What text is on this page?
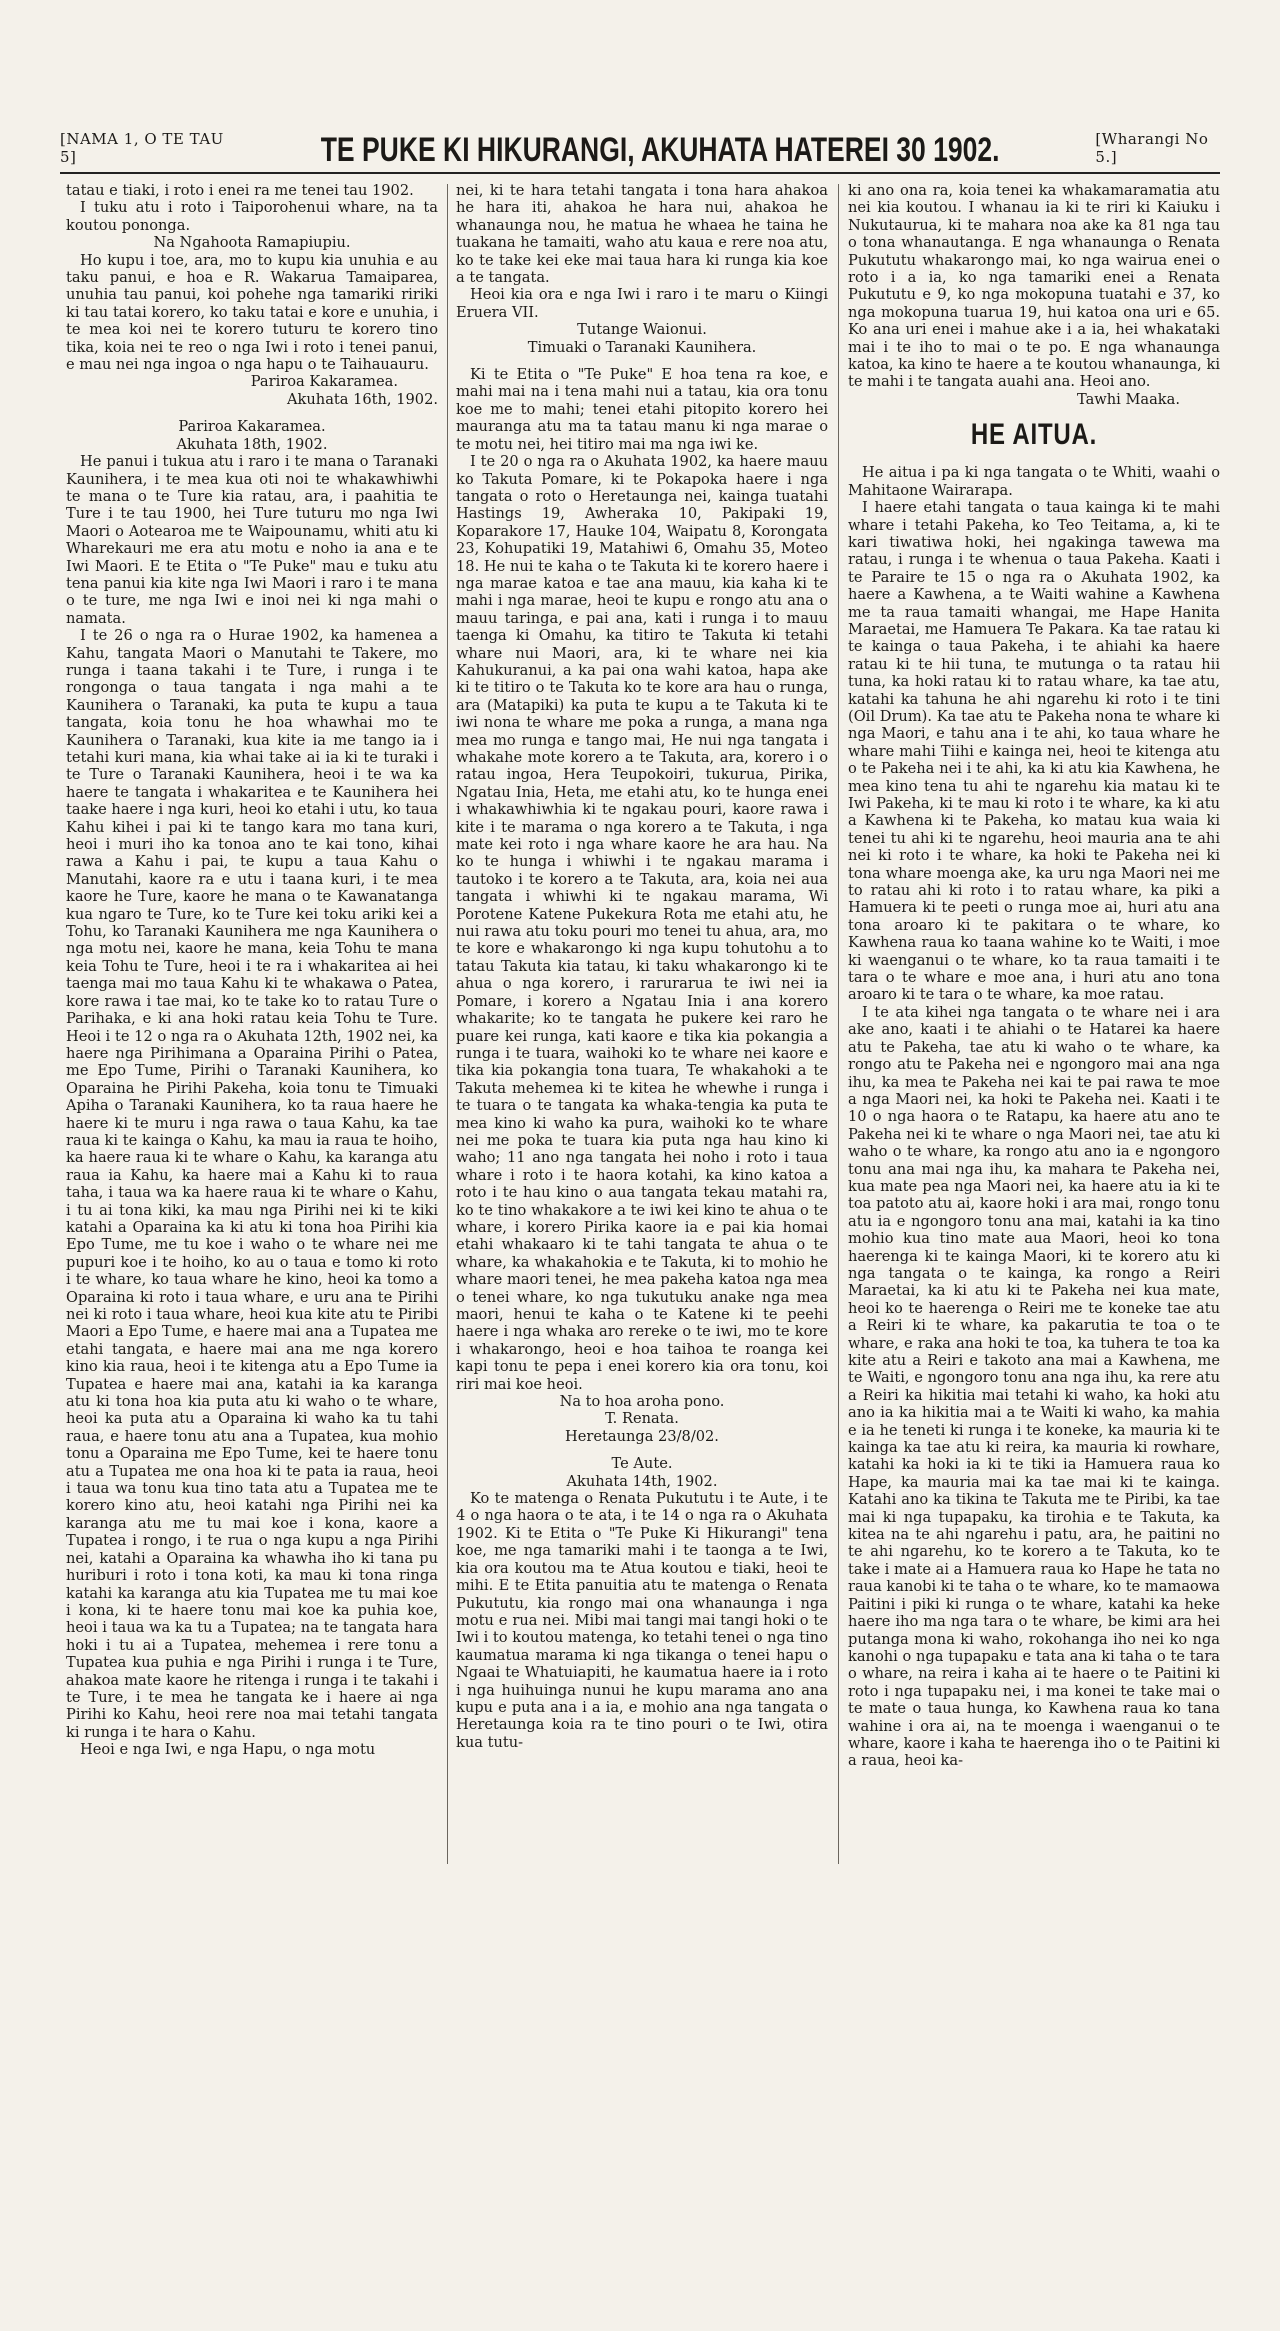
[NAMA 1, O TE TAU 5]	TE PUKE KI HIKURANGI, AKUHATA HATEREI 30 1902.	[Wharangi No 5.]

tatau e tiaki, i roto i enei ra me tenei tau 1902.

I tuku atu i roto i Taiporohenui whare, na ta koutou pononga.

Na Ngahoota Ramapiupiu.

Ho kupu i toe, ara, mo to kupu kia unuhia e au taku panui, e hoa e R. Wakarua Tamaiparea, unuhia tau panui, koi pohehe nga tamariki ririki ki tau tatai korero, ko taku tatai e kore e unuhia, i te mea koi nei te korero tuturu te korero tino tika, koia nei te reo o nga Iwi i roto i tenei panui, e mau nei nga ingoa o nga hapu o te Taihauauru.

Pariroa Kakaramea.

Akuhata 16th, 1902.

Pariroa Kakaramea.

Akuhata 18th, 1902.

He panui i tukua atu i raro i te mana o Taranaki Kaunihera, i te mea kua oti noi te whakawhiwhi te mana o te Ture kia ratau, ara, i paahitia te Ture i te tau 1900, hei Ture tuturu mo nga Iwi Maori o Aotearoa me te Waipounamu, whiti atu ki Wharekauri me era atu motu e noho ia ana e te Iwi Maori. E te Etita o "Te Puke" mau e tuku atu tena panui kia kite nga Iwi Maori i raro i te mana o te ture, me nga Iwi e inoi nei ki nga mahi o namata.

I te 26 o nga ra o Hurae 1902, ka hamenea a Kahu, tangata Maori o Manutahi te Takere, mo runga i taana takahi i te Ture, i runga i te rongonga o taua tangata i nga mahi a te Kaunihera o Taranaki, ka puta te kupu a taua tangata, koia tonu he hoa whawhai mo te Kaunihera o Taranaki, kua kite ia me tango ia i tetahi kuri mana, kia whai take ai ia ki te turaki i te Ture o Taranaki Kaunihera, heoi i te wa ka haere te tangata i whakaritea e te Kaunihera hei taake haere i nga kuri, heoi ko etahi i utu, ko taua Kahu kihei i pai ki te tango kara mo tana kuri, heoi i muri iho ka tonoa ano te kai tono, kihai rawa a Kahu i pai, te kupu a taua Kahu o Manutahi, kaore ra e utu i taana kuri, i te mea kaore he Ture, kaore he mana o te Kawanatanga kua ngaro te Ture, ko te Ture kei toku ariki kei a Tohu, ko Taranaki Kaunihera me nga Kaunihera o nga motu nei, kaore he mana, keia Tohu te mana keia Tohu te Ture, heoi i te ra i whakaritea ai hei taenga mai mo taua Kahu ki te whakawa o Patea, kore rawa i tae mai, ko te take ko to ratau Ture o Parihaka, e ki ana hoki ratau keia Tohu te Ture. Heoi i te 12 o nga ra o Akuhata 12th, 1902 nei, ka haere nga Pirihimana a Oparaina Pirihi o Patea, me Epo Tume, Pirihi o Taranaki Kaunihera, ko Oparaina he Pirihi Pakeha, koia tonu te Timuaki Apiha o Taranaki Kaunihera, ko ta raua haere he haere ki te muru i nga rawa o taua Kahu, ka tae raua ki te kainga o Kahu, ka mau ia raua te hoiho, ka haere raua ki te whare o Kahu, ka karanga atu raua ia Kahu, ka haere mai a Kahu ki to raua taha, i taua wa ka haere raua ki te whare o Kahu, i tu ai tona kiki, ka mau nga Pirihi nei ki te kiki katahi a Oparaina ka ki atu ki tona hoa Pirihi kia Epo Tume, me tu koe i waho o te whare nei me pupuri koe i te hoiho, ko au o taua e tomo ki roto i te whare, ko taua whare he kino, heoi ka tomo a Oparaina ki roto i taua whare, e uru ana te Pirihi nei ki roto i taua whare, heoi kua kite atu te Piribi Maori a Epo Tume, e haere mai ana a Tupatea me etahi tangata, e haere mai ana me nga korero kino kia raua, heoi i te kitenga atu a Epo Tume ia Tupatea e haere mai ana, katahi ia ka karanga atu ki tona hoa kia puta atu ki waho o te whare, heoi ka puta atu a Oparaina ki waho ka tu tahi raua, e haere tonu atu ana a Tupatea, kua mohio tonu a Oparaina me Epo Tume, kei te haere tonu atu a Tupatea me ona hoa ki te pata ia raua, heoi i taua wa tonu kua tino tata atu a Tupatea me te korero kino atu, heoi katahi nga Pirihi nei ka karanga atu me tu mai koe i kona, kaore a Tupatea i rongo, i te rua o nga kupu a nga Pirihi nei, katahi a Oparaina ka whawha iho ki tana pu huriburi i roto i tona koti, ka mau ki tona ringa katahi ka karanga atu kia Tupatea me tu mai koe i kona, ki te haere tonu mai koe ka puhia koe, heoi i taua wa ka tu a Tupatea; na te tangata hara hoki i tu ai a Tupatea, mehemea i rere tonu a Tupatea kua puhia e nga Pirihi i runga i te Ture, ahakoa mate kaore he ritenga i runga i te takahi i te Ture, i te mea he tangata ke i haere ai nga Pirihi ko Kahu, heoi rere noa mai tetahi tangata ki runga i te hara o Kahu.

Heoi e nga Iwi, e nga Hapu, o nga motu

nei, ki te hara tetahi tangata i tona hara ahakoa he hara iti, ahakoa he hara nui, ahakoa he whanaunga nou, he matua he whaea he taina he tuakana he tamaiti, waho atu kaua e rere noa atu, ko te take kei eke mai taua hara ki runga kia koe a te tangata.

Heoi kia ora e nga Iwi i raro i te maru o Kiingi Eruera VII.

Tutange Waionui.

Timuaki o Taranaki Kaunihera.

Ki te Etita o "Te Puke" E hoa tena ra koe, e mahi mai na i tena mahi nui a tatau, kia ora tonu koe me to mahi; tenei etahi pitopito korero hei mauranga atu ma ta tatau manu ki nga marae o te motu nei, hei titiro mai ma nga iwi ke.

I te 20 o nga ra o Akuhata 1902, ka haere mauu ko Takuta Pomare, ki te Pokapoka haere i nga tangata o roto o Heretaunga nei, kainga tuatahi Hastings 19, Awheraka 10, Pakipaki 19, Koparakore 17, Hauke 104, Waipatu 8, Korongata 23, Kohupatiki 19, Matahiwi 6, Omahu 35, Moteo 18. He nui te kaha o te Takuta ki te korero haere i nga marae katoa e tae ana mauu, kia kaha ki te mahi i nga marae, heoi te kupu e rongo atu ana o mauu taringa, e pai ana, kati i runga i to mauu taenga ki Omahu, ka titiro te Takuta ki tetahi whare nui Maori, ara, ki te whare nei kia Kahukuranui, a ka pai ona wahi katoa, hapa ake ki te titiro o te Takuta ko te kore ara hau o runga, ara (Matapiki) ka puta te kupu a te Takuta ki te iwi nona te whare me poka a runga, a mana nga mea mo runga e tango mai, He nui nga tangata i whakahe mote korero a te Takuta, ara, korero i o ratau ingoa, Hera Teupokoiri, tukurua, Pirika, Ngatau Inia, Heta, me etahi atu, ko te hunga enei i whakawhiwhia ki te ngakau pouri, kaore rawa i kite i te marama o nga korero a te Takuta, i nga mate kei roto i nga whare kaore he ara hau. Na ko te hunga i whiwhi i te ngakau marama i tautoko i te korero a te Takuta, ara, koia nei aua tangata i whiwhi ki te ngakau marama, Wi Porotene Katene Pukekura Rota me etahi atu, he nui rawa atu toku pouri mo tenei tu ahua, ara, mo te kore e whakarongo ki nga kupu tohutohu a to tatau Takuta kia tatau, ki taku whakarongo ki te ahua o nga korero, i rarurarua te iwi nei ia Pomare, i korero a Ngatau Inia i ana korero whakarite; ko te tangata he pukere kei raro he puare kei runga, kati kaore e tika kia pokangia a runga i te tuara, waihoki ko te whare nei kaore e tika kia pokangia tona tuara, Te whakahoki a te Takuta mehemea ki te kitea he whewhe i runga i te tuara o te tangata ka whaka-tengia ka puta te mea kino ki waho ka pura, waihoki ko te whare nei me poka te tuara kia puta nga hau kino ki waho; 11 ano nga tangata hei noho i roto i taua whare i roto i te haora kotahi, ka kino katoa a roto i te hau kino o aua tangata tekau matahi ra, ko te tino whakakore a te iwi kei kino te ahua o te whare, i korero Pirika kaore ia e pai kia homai etahi whakaaro ki te tahi tangata te ahua o te whare, ka whakahokia e te Takuta, ki to mohio he whare maori tenei, he mea pakeha katoa nga mea o tenei whare, ko nga tukutuku anake nga mea maori, henui te kaha o te Katene ki te peehi haere i nga whaka aro rereke o te iwi, mo te kore i whakarongo, heoi e hoa taihoa te roanga kei kapi tonu te pepa i enei korero kia ora tonu, koi riri mai koe heoi.

Na to hoa aroha pono.

T. Renata.

Heretaunga 23/8/02.

Te Aute.

Akuhata 14th, 1902.

Ko te matenga o Renata Pukututu i te Aute, i te 4 o nga haora o te ata, i te 14 o nga ra o Akuhata 1902. Ki te Etita o "Te Puke Ki Hikurangi" tena koe, me nga tamariki mahi i te taonga a te Iwi, kia ora koutou ma te Atua koutou e tiaki, heoi te mihi. E te Etita panuitia atu te matenga o Renata Pukututu, kia rongo mai ona whanaunga i nga motu e rua nei. Mibi mai tangi mai tangi hoki o te Iwi i to koutou matenga, ko tetahi tenei o nga tino kaumatua marama ki nga tikanga o tenei hapu o Ngaai te Whatuiapiti, he kaumatua haere ia i roto i nga huihuinga nunui he kupu marama ano ana kupu e puta ana i a ia, e mohio ana nga tangata o Heretaunga koia ra te tino pouri o te Iwi, otira kua tutu-

ki ano ona ra, koia tenei ka whakamaramatia atu nei kia koutou. I whanau ia ki te riri ki Kaiuku i Nukutaurua, ki te mahara noa ake ka 81 nga tau o tona whanautanga. E nga whanaunga o Renata Pukututu whakarongo mai, ko nga wairua enei o roto i a ia, ko nga tamariki enei a Renata Pukututu e 9, ko nga mokopuna tuatahi e 37, ko nga mokopuna tuarua 19, hui katoa ona uri e 65. Ko ana uri enei i mahue ake i a ia, hei whakataki mai i te iho to mai o te po. E nga whanaunga katoa, ka kino te haere a te koutou whanaunga, ki te mahi i te tangata auahi ana. Heoi ano.

Tawhi Maaka.

HE AITUA.

He aitua i pa ki nga tangata o te Whiti, waahi o Mahitaone Wairarapa.

I haere etahi tangata o taua kainga ki te mahi whare i tetahi Pakeha, ko Teo Teitama, a, ki te kari tiwatiwa hoki, hei ngakinga tawewa ma ratau, i runga i te whenua o taua Pakeha. Kaati i te Paraire te 15 o nga ra o Akuhata 1902, ka haere a Kawhena, a te Waiti wahine a Kawhena me ta raua tamaiti whangai, me Hape Hanita Maraetai, me Hamuera Te Pakara. Ka tae ratau ki te kainga o taua Pakeha, i te ahiahi ka haere ratau ki te hii tuna, te mutunga o ta ratau hii tuna, ka hoki ratau ki to ratau whare, ka tae atu, katahi ka tahuna he ahi ngarehu ki roto i te tini (Oil Drum). Ka tae atu te Pakeha nona te whare ki nga Maori, e tahu ana i te ahi, ko taua whare he whare mahi Tiihi e kainga nei, heoi te kitenga atu o te Pakeha nei i te ahi, ka ki atu kia Kawhena, he mea kino tena tu ahi te ngarehu kia matau ki te Iwi Pakeha, ki te mau ki roto i te whare, ka ki atu a Kawhena ki te Pakeha, ko matau kua waia ki tenei tu ahi ki te ngarehu, heoi mauria ana te ahi nei ki roto i te whare, ka hoki te Pakeha nei ki tona whare moenga ake, ka uru nga Maori nei me to ratau ahi ki roto i to ratau whare, ka piki a Hamuera ki te peeti o runga moe ai, huri atu ana tona aroaro ki te pakitara o te whare, ko Kawhena raua ko taana wahine ko te Waiti, i moe ki waenganui o te whare, ko ta raua tamaiti i te tara o te whare e moe ana, i huri atu ano tona aroaro ki te tara o te whare, ka moe ratau.

I te ata kihei nga tangata o te whare nei i ara ake ano, kaati i te ahiahi o te Hatarei ka haere atu te Pakeha, tae atu ki waho o te whare, ka rongo atu te Pakeha nei e ngongoro mai ana nga ihu, ka mea te Pakeha nei kai te pai rawa te moe a nga Maori nei, ka hoki te Pakeha nei. Kaati i te 10 o nga haora o te Ratapu, ka haere atu ano te Pakeha nei ki te whare o nga Maori nei, tae atu ki waho o te whare, ka rongo atu ano ia e ngongoro tonu ana mai nga ihu, ka mahara te Pakeha nei, kua mate pea nga Maori nei, ka haere atu ia ki te toa patoto atu ai, kaore hoki i ara mai, rongo tonu atu ia e ngongoro tonu ana mai, katahi ia ka tino mohio kua tino mate aua Maori, heoi ko tona haerenga ki te kainga Maori, ki te korero atu ki nga tangata o te kainga, ka rongo a Reiri Maraetai, ka ki atu ki te Pakeha nei kua mate, heoi ko te haerenga o Reiri me te koneke tae atu a Reiri ki te whare, ka pakarutia te toa o te whare, e raka ana hoki te toa, ka tuhera te toa ka kite atu a Reiri e takoto ana mai a Kawhena, me te Waiti, e ngongoro tonu ana nga ihu, ka rere atu a Reiri ka hikitia mai tetahi ki waho, ka hoki atu ano ia ka hikitia mai a te Waiti ki waho, ka mahia e ia he teneti ki runga i te koneke, ka mauria ki te kainga ka tae atu ki reira, ka mauria ki rowhare, katahi ka hoki ia ki te tiki ia Hamuera raua ko Hape, ka mauria mai ka tae mai ki te kainga. Katahi ano ka tikina te Takuta me te Piribi, ka tae mai ki nga tupapaku, ka tirohia e te Takuta, ka kitea na te ahi ngarehu i patu, ara, he paitini no te ahi ngarehu, ko te korero a te Takuta, ko te take i mate ai a Hamuera raua ko Hape he tata no raua kanobi ki te taha o te whare, ko te mamaowa Paitini i piki ki runga o te whare, katahi ka heke haere iho ma nga tara o te whare, be kimi ara hei putanga mona ki waho, rokohanga iho nei ko nga kanohi o nga tupapaku e tata ana ki taha o te tara o whare, na reira i kaha ai te haere o te Paitini ki roto i nga tupapaku nei, i ma konei te take mai o te mate o taua hunga, ko Kawhena raua ko tana wahine i ora ai, na te moenga i waenganui o te whare, kaore i kaha te haerenga iho o te Paitini ki a raua, heoi ka-
